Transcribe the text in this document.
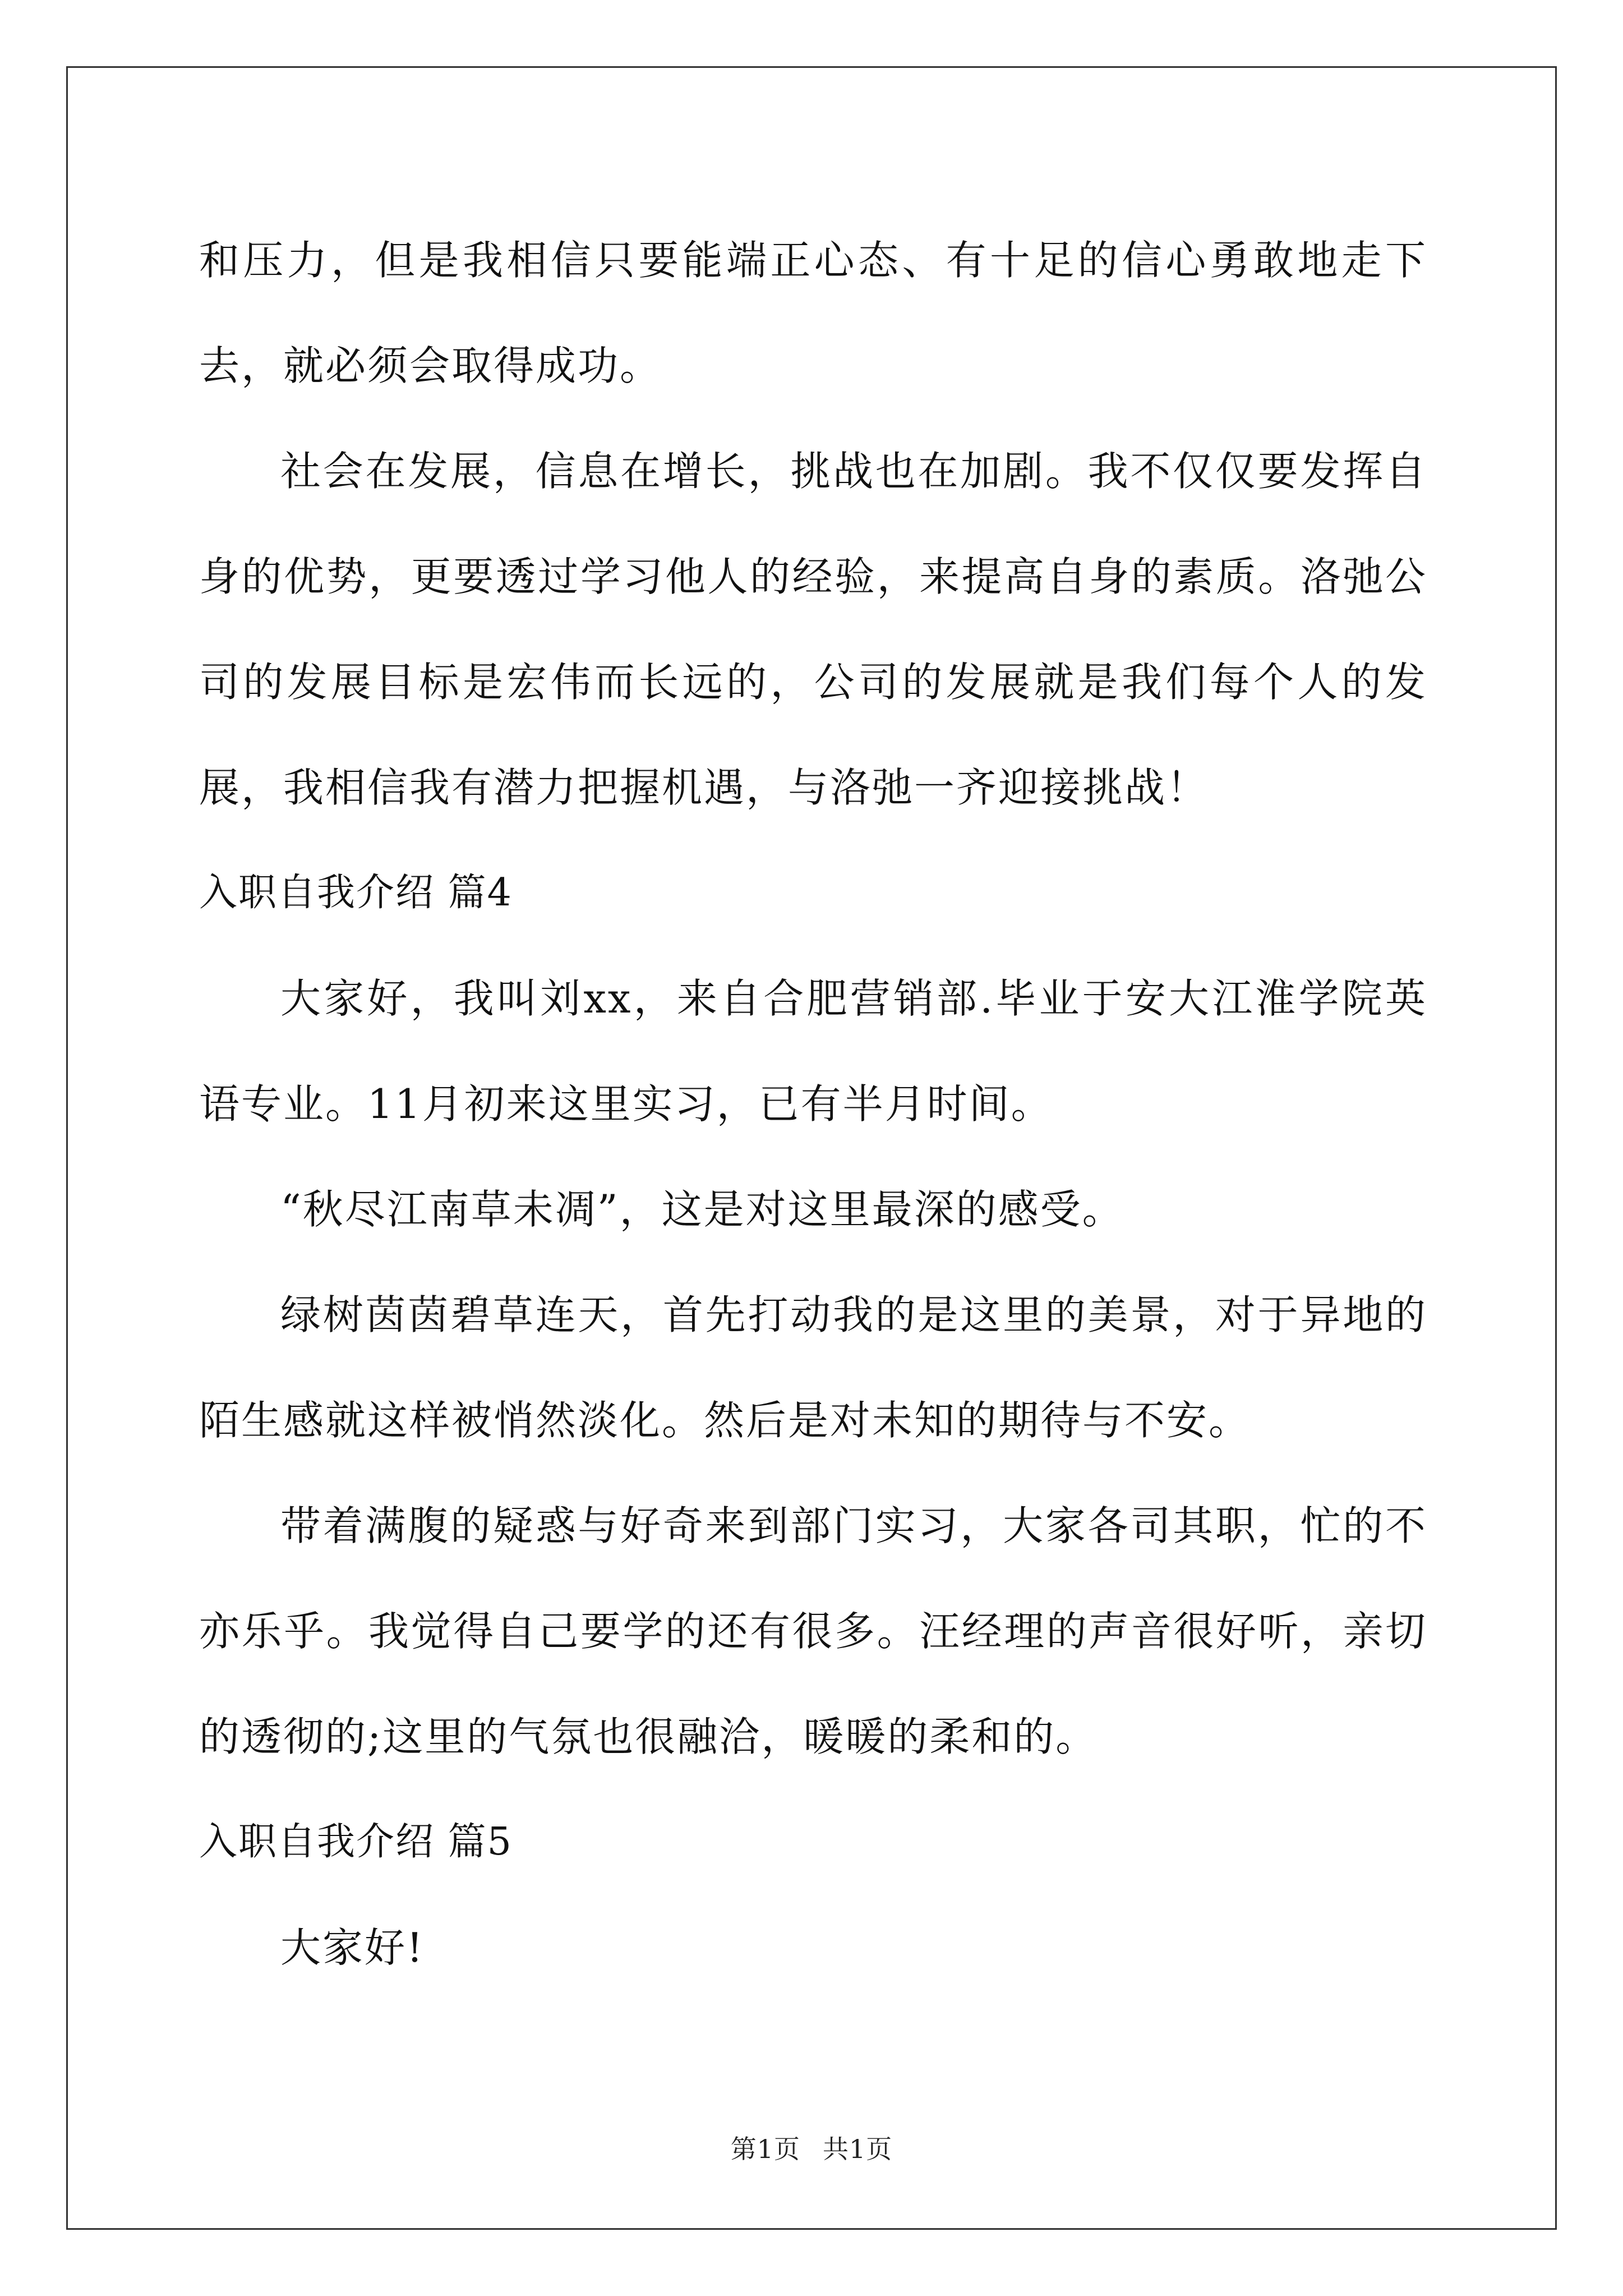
和压力，但是我相信只要能端正心态、有十足的信心勇敢地走下去，就必须会取得成功。

社会在发展，信息在增长，挑战也在加剧。我不仅仅要发挥自身的优势，更要透过学习他人的经验，来提高自身的素质。洛弛公司的发展目标是宏伟而长远的，公司的发展就是我们每个人的发展，我相信我有潜力把握机遇，与洛弛一齐迎接挑战！

入职自我介绍 篇4

大家好，我叫刘xx，来自合肥营销部.毕业于安大江淮学院英语专业。11月初来这里实习，已有半月时间。

“秋尽江南草未凋”，这是对这里最深的感受。

绿树茵茵碧草连天，首先打动我的是这里的美景，对于异地的陌生感就这样被悄然淡化。然后是对未知的期待与不安。

带着满腹的疑惑与好奇来到部门实习，大家各司其职，忙的不亦乐乎。我觉得自己要学的还有很多。汪经理的声音很好听，亲切的透彻的;这里的气氛也很融洽，暖暖的柔和的。

入职自我介绍 篇5

大家好!

第1页 共1页
